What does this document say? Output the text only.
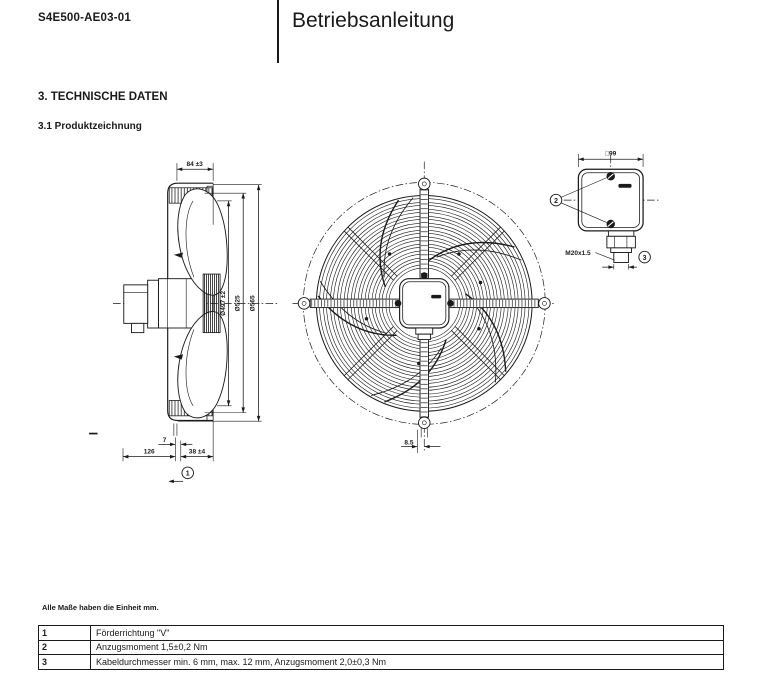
S4E500-AE03-01	Betriebsanleitung
3. TECHNISCHE DATEN
3.1 Produktzeichnung
84 ±3
Ø497 ±2 Ø525 Ø565
7
126	38 ±4
1
8.5
2
□99
M20x1.5
3
Alle Maße haben die Einheit mm.
1	Förderrichtung "V"
2	Anzugsmoment 1,5±0,2 Nm
3	Kabeldurchmesser min. 6 mm, max. 12 mm, Anzugsmoment 2,0±0,3 Nm
